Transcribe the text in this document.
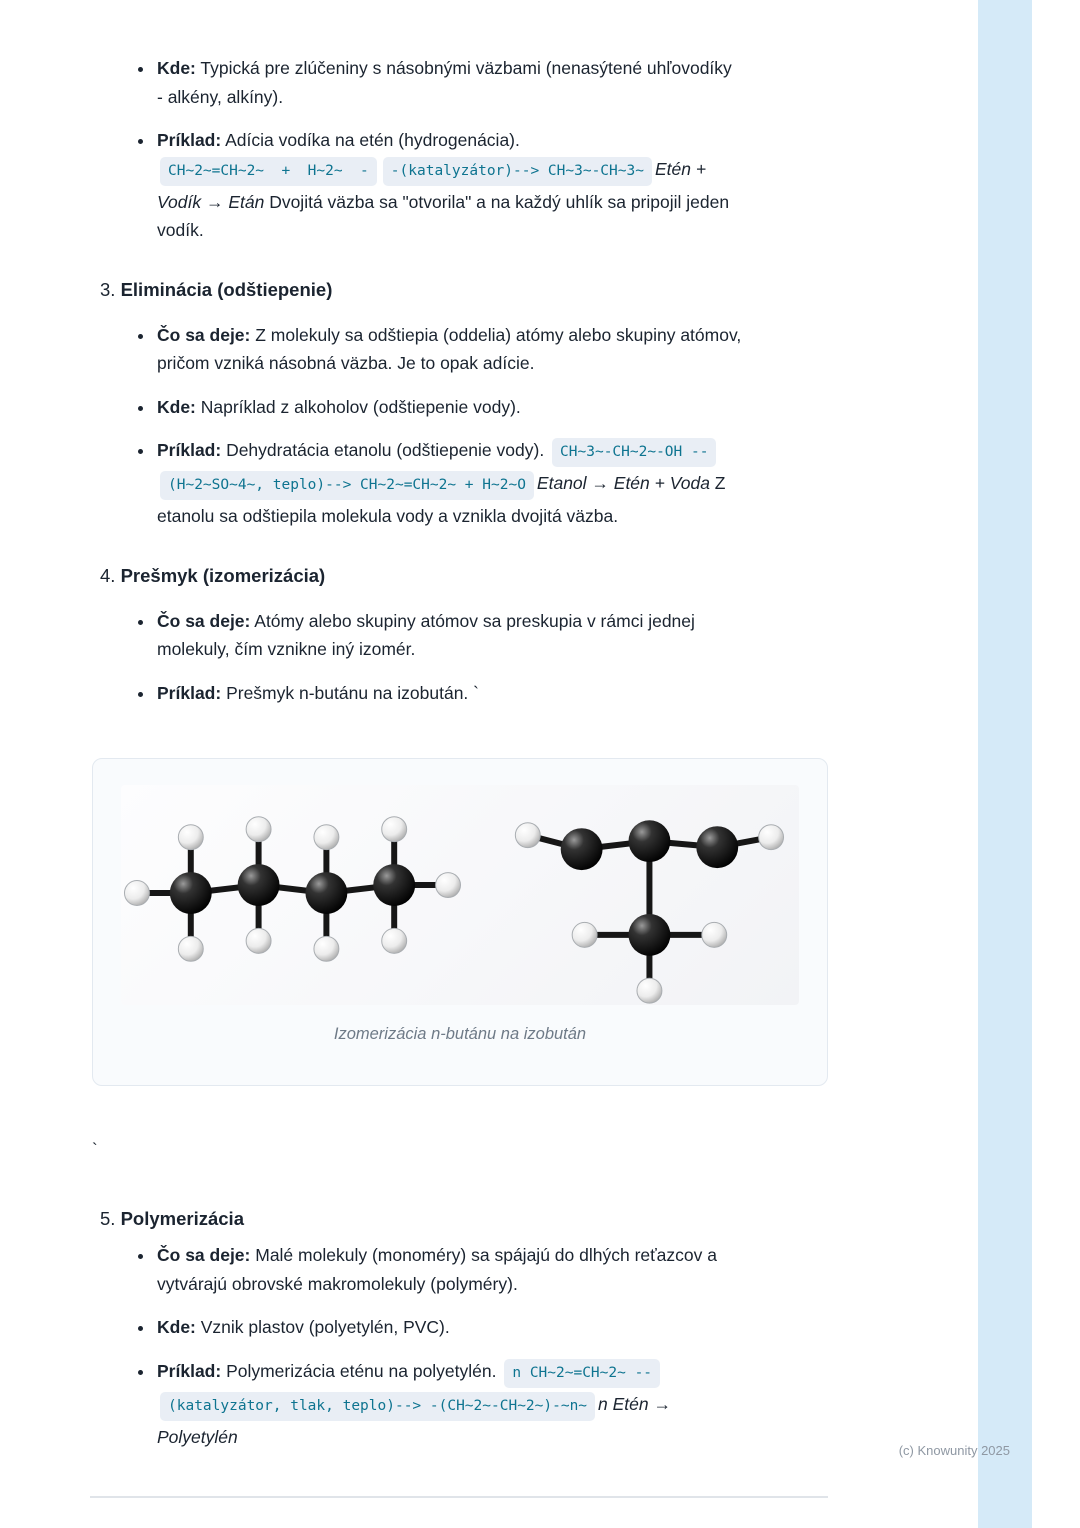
• Kde: Typická pre zlúčeniny s násobnými väzbami (nenasýtené uhľovodíky - alkény, alkíny).
• Príklad: Adícia vodíka na etén (hydrogenácia). CH~2~=CH~2~  +  H~2~  - -(katalyzátor)--> CH~3~-CH~3~ Etén + Vodík → Etán Dvojitá väzba sa "otvorila" a na každý uhlík sa pripojil jeden vodík.
3. Eliminácia (odštiepenie)
• Čo sa deje: Z molekuly sa odštiepia (oddelia) atómy alebo skupiny atómov, pričom vzniká násobná väzba. Je to opak adície.
• Kde: Napríklad z alkoholov (odštiepenie vody).
• Príklad: Dehydratácia etanolu (odštiepenie vody). CH~3~-CH~2~-OH --(H~2~SO~4~, teplo)--> CH~2~=CH~2~ + H~2~O Etanol → Etén + Voda Z etanolu sa odštiepila molekula vody a vznikla dvojitá väzba.
4. Prešmyk (izomerizácia)
• Čo sa deje: Atómy alebo skupiny atómov sa preskupia v rámci jednej molekuly, čím vznikne iný izomér.
• Príklad: Prešmyk n-butánu na izobután. `
Izomerizácia n-butánu na izobután

`

5. Polymerizácia
• Čo sa deje: Malé molekuly (monoméry) sa spájajú do dlhých reťazcov a vytvárajú obrovské makromolekuly (polyméry).
• Kde: Vznik plastov (polyetylén, PVC).
• Príklad: Polymerizácia eténu na polyetylén. n CH~2~=CH~2~ --(katalyzátor, tlak, teplo)--> -(CH~2~-CH~2~)-~n~ n Etén → Polyetylén
(c) Knowunity 2025
